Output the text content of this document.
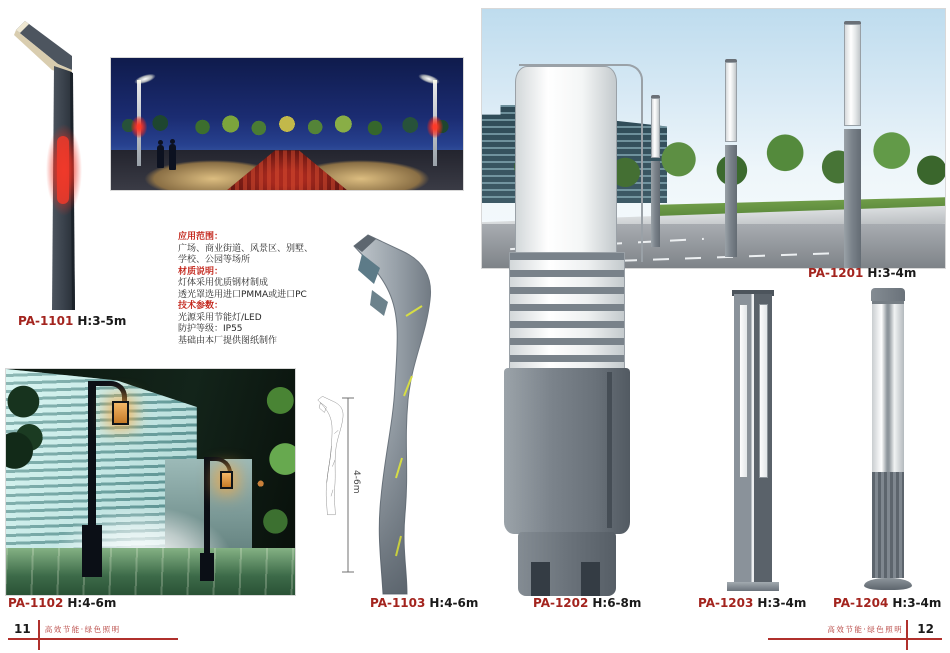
PA-1101 H:3-5m
应用范围：
广场、商业街道、风景区、别墅、
学校、公园等场所
材质说明：
灯体采用优质钢材制成
透光罩选用进口PMMA或进口PC
技术参数：
光源采用节能灯/LED
防护等级：IP55
基础由本厂提供图纸制作
4-6m
PA-1103 H:4-6m
PA-1102 H:4-6m
PA-1201 H:3-4m
PA-1202 H:6-8m	PA-1203 H:3-4m PA-1204 H:3-4m
11 高效节能·绿色照明	高效节能·绿色照明 12
